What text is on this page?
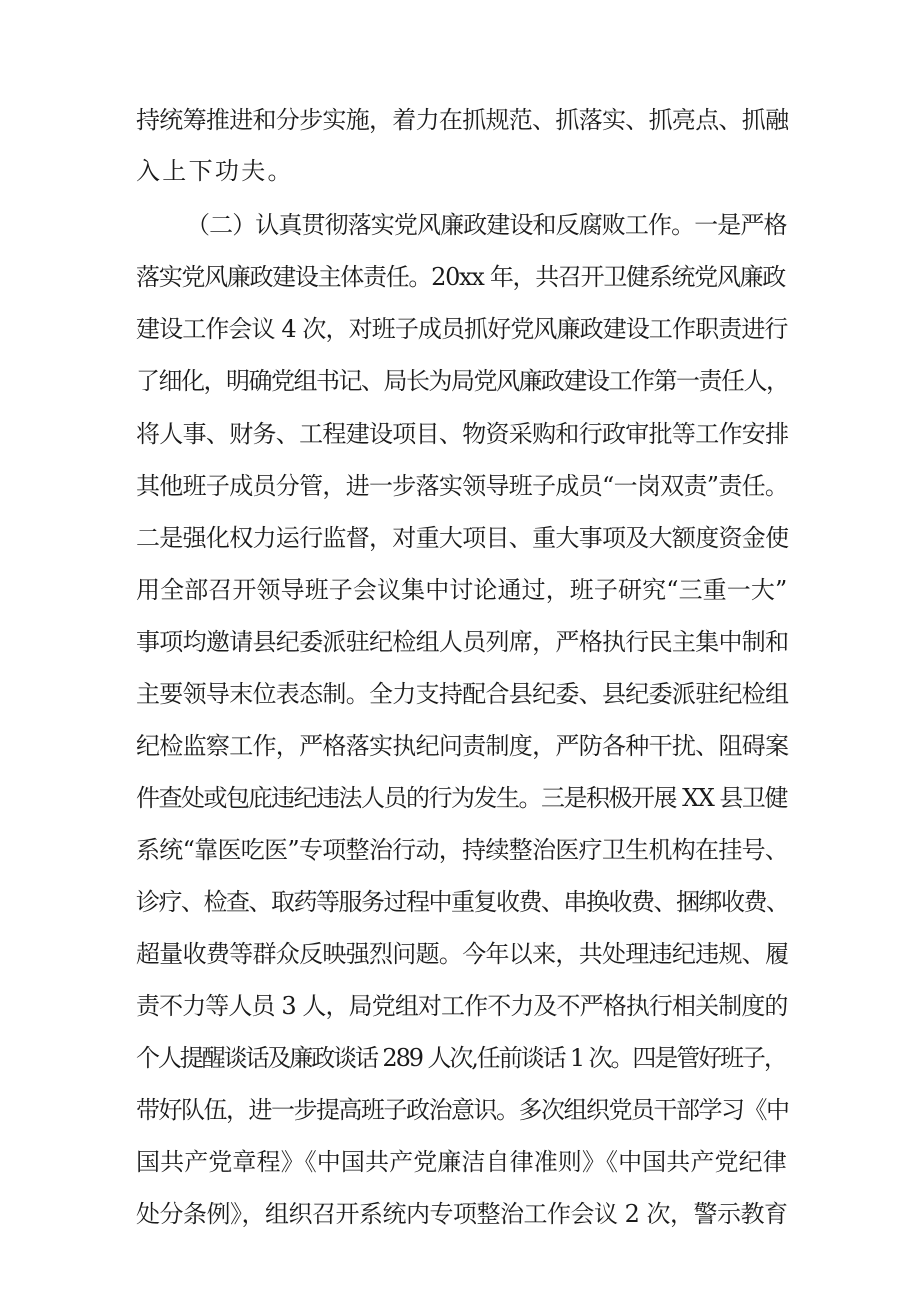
持统筹推进和分步实施，着力在抓规范、抓落实、抓亮点、抓融
入上下功夫。
（二）认真贯彻落实党风廉政建设和反腐败工作。一是严格
落实党风廉政建设主体责任。20xx 年，共召开卫健系统党风廉政
建设工作会议 4 次，对班子成员抓好党风廉政建设工作职责进行
了细化，明确党组书记、局长为局党风廉政建设工作第一责任人，
将人事、财务、工程建设项目、物资采购和行政审批等工作安排
其他班子成员分管，进一步落实领导班子成员“一岗双责”责任。
二是强化权力运行监督，对重大项目、重大事项及大额度资金使
用全部召开领导班子会议集中讨论通过，班子研究“三重一大”
事项均邀请县纪委派驻纪检组人员列席，严格执行民主集中制和
主要领导末位表态制。全力支持配合县纪委、县纪委派驻纪检组
纪检监察工作，严格落实执纪问责制度，严防各种干扰、阻碍案
件查处或包庇违纪违法人员的行为发生。三是积极开展 XX 县卫健
系统“靠医吃医”专项整治行动，持续整治医疗卫生机构在挂号、
诊疗、检查、取药等服务过程中重复收费、串换收费、捆绑收费、
超量收费等群众反映强烈问题。今年以来，共处理违纪违规、履
责不力等人员 3 人，局党组对工作不力及不严格执行相关制度的
个人提醒谈话及廉政谈话 289 人次,任前谈话 1 次。四是管好班子，
带好队伍，进一步提高班子政治意识。多次组织党员干部学习《中
国共产党章程》《中国共产党廉洁自律准则》《中国共产党纪律
处分条例》，组织召开系统内专项整治工作会议 2 次，警示教育
